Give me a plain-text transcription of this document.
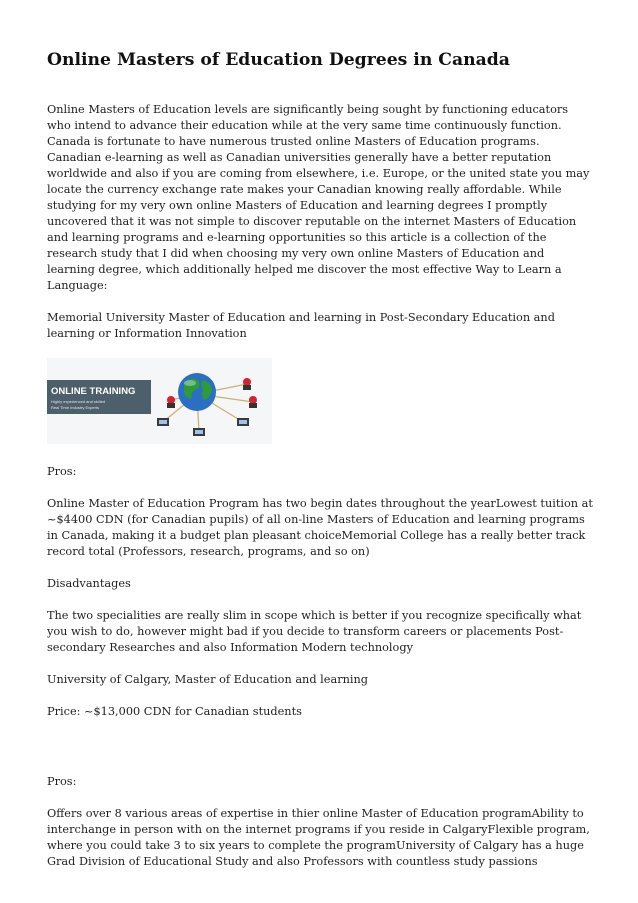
Online Masters of Education Degrees in Canada

Online Masters of Education levels are significantly being sought by functioning educators who intend to advance their education while at the very same time continuously function. Canada is fortunate to have numerous trusted online Masters of Education programs. Canadian e-learning as well as Canadian universities generally have a better reputation worldwide and also if you are coming from elsewhere, i.e. Europe, or the united state you may locate the currency exchange rate makes your Canadian knowing really affordable. While studying for my very own online Masters of Education and learning degrees I promptly uncovered that it was not simple to discover reputable on the internet Masters of Education and learning programs and e-learning opportunities so this article is a collection of the research study that I did when choosing my very own online Masters of Education and learning degree, which additionally helped me discover the most effective Way to Learn a Language:

Memorial University Master of Education and learning in Post-Secondary Education and learning or Information Innovation

ONLINE TRAINING
Highly experienced and skilled
Real Time Industry Experts

Pros:

Online Master of Education Program has two begin dates throughout the yearLowest tuition at ~$4400 CDN (for Canadian pupils) of all on-line Masters of Education and learning programs in Canada, making it a budget plan pleasant choiceMemorial College has a really better track record total (Professors, research, programs, and so on)

Disadvantages

The two specialities are really slim in scope which is better if you recognize specifically what you wish to do, however might bad if you decide to transform careers or placements Post-secondary Researches and also Information Modern technology

University of Calgary, Master of Education and learning

Price: ~$13,000 CDN for Canadian students

Pros:

Offers over 8 various areas of expertise in thier online Master of Education programAbility to interchange in person with on the internet programs if you reside in CalgaryFlexible program, where you could take 3 to six years to complete the programUniversity of Calgary has a huge Grad Division of Educational Study and also Professors with countless study passions
